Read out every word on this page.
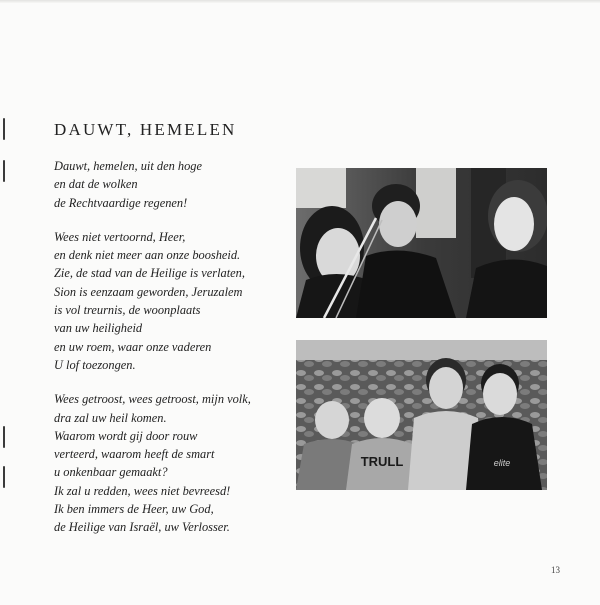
DAUWT, HEMELEN
Dauwt, hemelen, uit den hoge
en dat de wolken
de Rechtvaardige regenen!
Wees niet vertoornd, Heer,
en denk niet meer aan onze boosheid.
Zie, de stad van de Heilige is verlaten,
Sion is eenzaam geworden, Jeruzalem
is vol treurnis, de woonplaats
van uw heiligheid
en uw roem, waar onze vaderen
U lof toezongen.
Wees getroost, wees getroost, mijn volk,
dra zal uw heil komen.
Waarom wordt gij door rouw
verteerd, waarom heeft de smart
u onkenbaar gemaakt?
Ik zal u redden, wees niet bevreesd!
Ik ben immers de Heer, uw God,
de Heilige van Israël, uw Verlosser.
TRULL	elite
13
